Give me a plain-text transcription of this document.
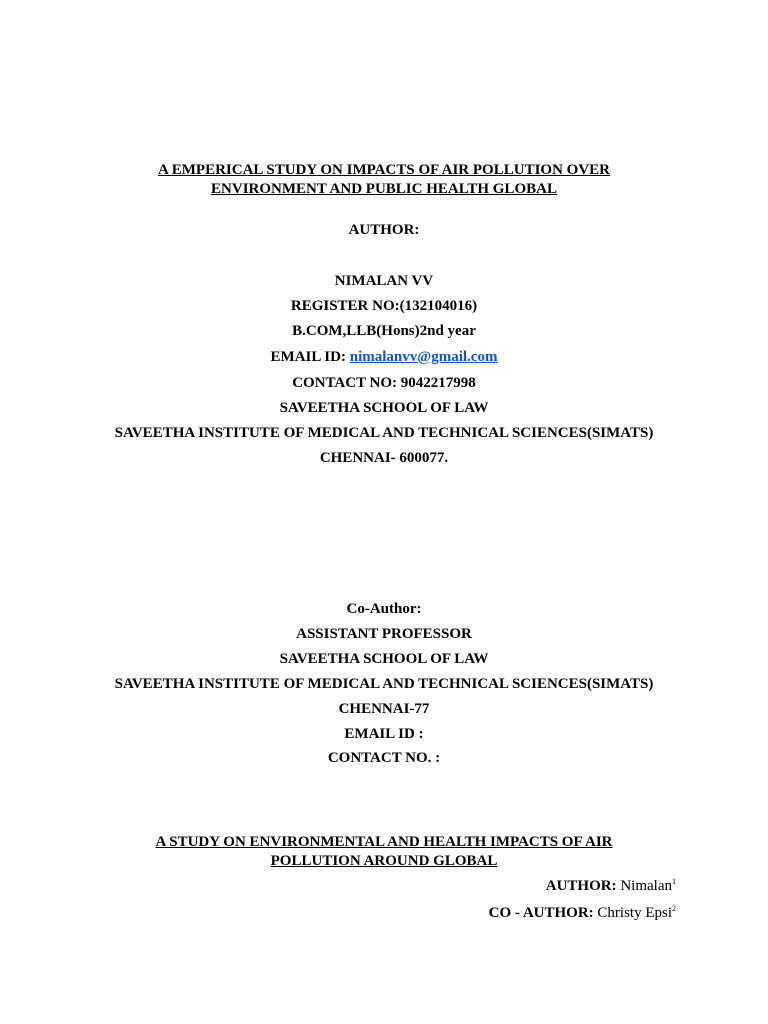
A EMPERICAL STUDY ON IMPACTS OF AIR POLLUTION OVER
ENVIRONMENT AND PUBLIC HEALTH GLOBAL
AUTHOR:
NIMALAN VV
REGISTER NO:(132104016)
B.COM,LLB(Hons)2nd year
EMAIL ID: nimalanvv@gmail.com
CONTACT NO: 9042217998
SAVEETHA SCHOOL OF LAW
SAVEETHA INSTITUTE OF MEDICAL AND TECHNICAL SCIENCES(SIMATS)
CHENNAI- 600077.
Co-Author:
ASSISTANT PROFESSOR
SAVEETHA SCHOOL OF LAW
SAVEETHA INSTITUTE OF MEDICAL AND TECHNICAL SCIENCES(SIMATS)
CHENNAI-77
EMAIL ID :
CONTACT NO. :
A STUDY ON ENVIRONMENTAL AND HEALTH IMPACTS OF AIR
POLLUTION AROUND GLOBAL
AUTHOR: Nimalan$^1$
CO - AUTHOR: Christy Epsi$^2$
